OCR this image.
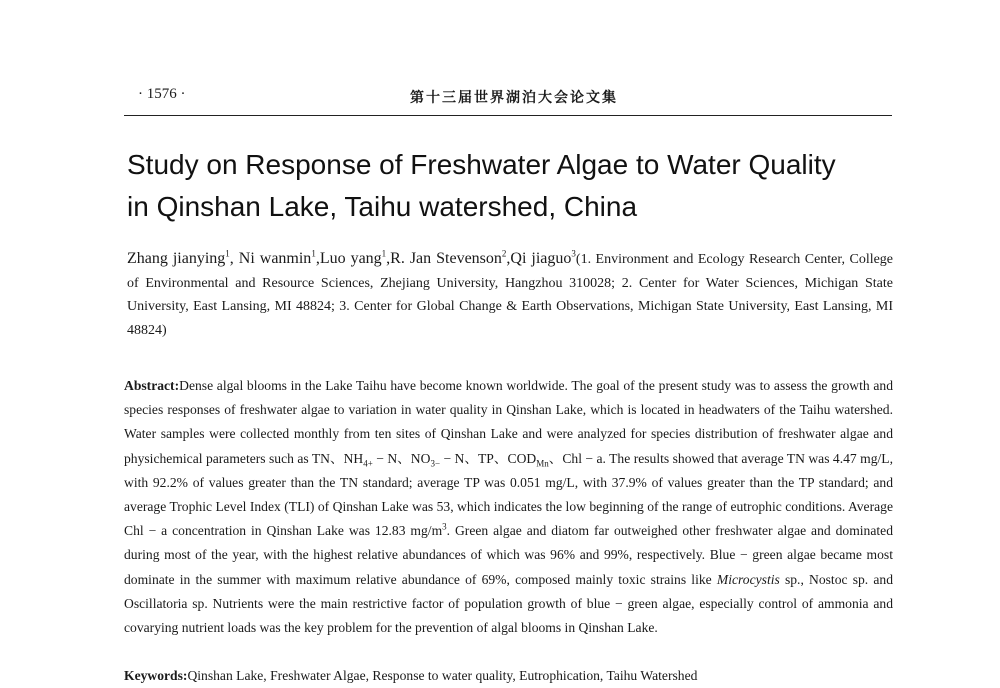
· 1576 ·	第十三届世界湖泊大会论文集
Study on Response of Freshwater Algae to Water Quality
in Qinshan Lake, Taihu watershed, China
Zhang jianying$^1$, Ni wanmin$^1$,Luo yang$^1$,R. Jan Stevenson$^2$,Qi jiaguo$^3$(1. Environment and Ecology Research Center, College of Environmental and Resource Sciences, Zhejiang University, Hangzhou 310028; 2. Center for Water Sciences, Michigan State University, East Lansing, MI 48824; 3. Center for Global Change & Earth Observations, Michigan State University, East Lansing, MI 48824)
Abstract:Dense algal blooms in the Lake Taihu have become known worldwide. The goal of the present study was to assess the growth and species responses of freshwater algae to variation in water quality in Qinshan Lake, which is located in headwaters of the Taihu watershed. Water samples were collected monthly from ten sites of Qinshan Lake and were analyzed for species distribution of freshwater algae and physichemical parameters such as TN、$NH_{4+} - N$、$NO_{3-} - N$、TP、$COD_{Mn}$、Chl − a. The results showed that average TN was 4.47 mg/L, with 92.2% of values greater than the TN standard; average TP was 0.051 mg/L, with 37.9% of values greater than the TP standard; and average Trophic Level Index (TLI) of Qinshan Lake was 53, which indicates the low beginning of the range of eutrophic conditions. Average Chl − a concentration in Qinshan Lake was 12.83 $mg/m^3$. Green algae and diatom far outweighed other freshwater algae and dominated during most of the year, with the highest relative abundances of which was 96% and 99%, respectively. Blue − green algae became most dominate in the summer with maximum relative abundance of 69%, composed mainly toxic strains like Microcystis sp., Nostoc sp. and Oscillatoria sp. Nutrients were the main restrictive factor of population growth of blue − green algae, especially control of ammonia and covarying nutrient loads was the key problem for the prevention of algal blooms in Qinshan Lake.
Keywords:Qinshan Lake, Freshwater Algae, Response to water quality, Eutrophication, Taihu Watershed
